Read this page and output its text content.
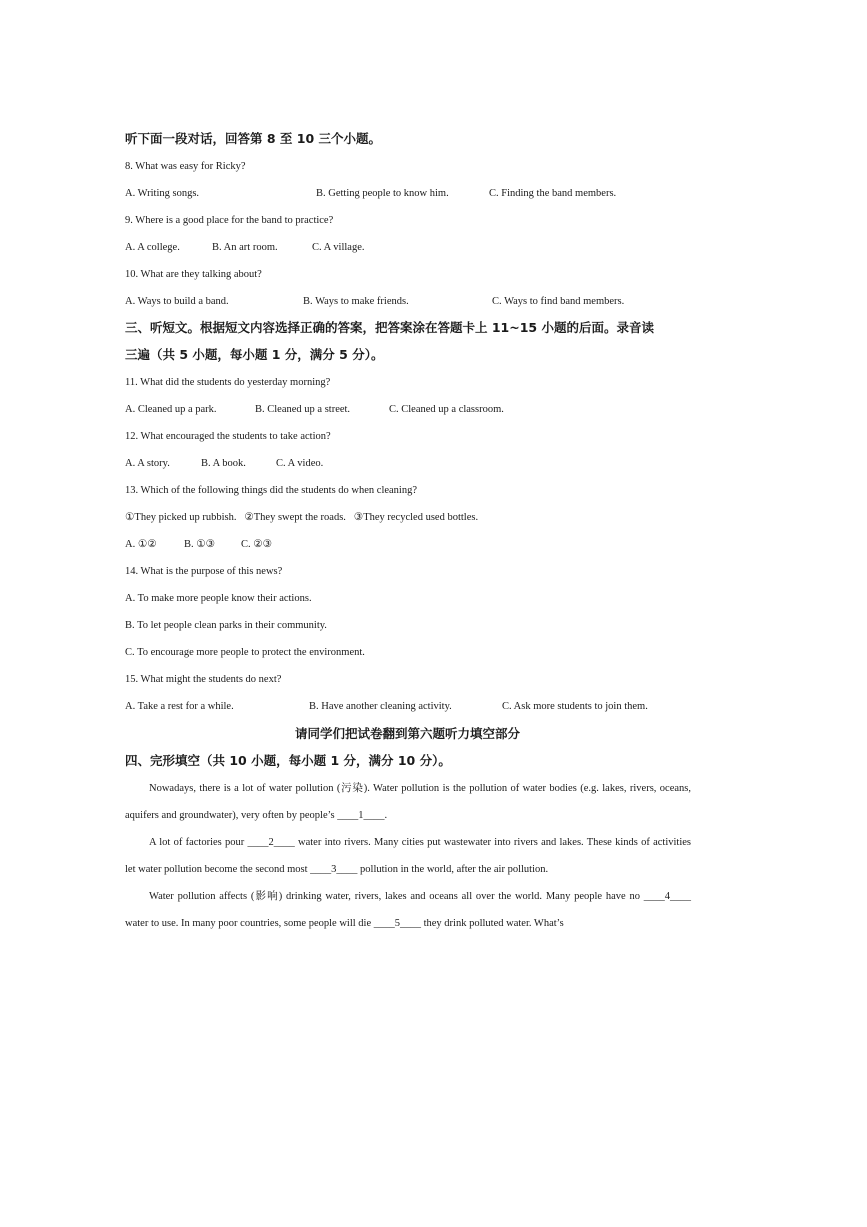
听下面一段对话，回答第 8 至 10 三个小题。
8. What was easy for Ricky?
A. Writing songs.	B. Getting people to know him.	C. Finding the band members.
9. Where is a good place for the band to practice?
A. A college.	B. An art room.	C. A village.
10. What are they talking about?
A. Ways to build a band.	B. Ways to make friends.	C. Ways to find band members.
三、听短文。根据短文内容选择正确的答案，把答案涂在答题卡上 11~15 小题的后面。录音读
三遍（共 5 小题，每小题 1 分，满分 5 分）。
11. What did the students do yesterday morning?
A. Cleaned up a park.	B. Cleaned up a street.	C. Cleaned up a classroom.
12. What encouraged the students to take action?
A. A story.	B. A book.	C. A video.
13. Which of the following things did the students do when cleaning?
①They picked up rubbish.   ②They swept the roads.   ③They recycled used bottles.
A. ①②	B. ①③ C. ②③
14. What is the purpose of this news?
A. To make more people know their actions.
B. To let people clean parks in their community.
C. To encourage more people to protect the environment.
15. What might the students do next?
A. Take a rest for a while.	B. Have another cleaning activity.	C. Ask more students to join them.
请同学们把试卷翻到第六题听力填空部分
四、完形填空（共 10 小题，每小题 1 分，满分 10 分）。
Nowadays, there is a lot of water pollution (污染). Water pollution is the pollution of water bodies (e.g. lakes, rivers, oceans, aquifers and groundwater), very often by people’s ____1____.
A lot of factories pour ____2____ water into rivers. Many cities put wastewater into rivers and lakes. These kinds of activities let water pollution become the second most ____3____ pollution in the world, after the air pollution.
Water pollution affects (影响) drinking water, rivers, lakes and oceans all over the world. Many people have no ____4____ water to use. In many poor countries, some people will die ____5____ they drink polluted water. What’s
